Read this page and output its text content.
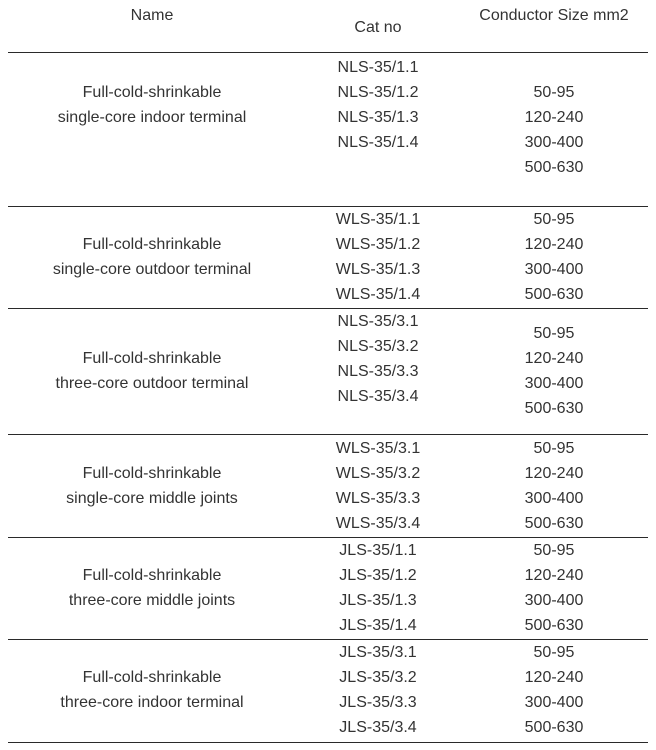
Name
Cat no
Conductor Size mm2
Full-cold-shrinkable
single-core indoor terminal
NLS-35/1.1
NLS-35/1.2
NLS-35/1.3
NLS-35/1.4
50-95
120-240
300-400
500-630
Full-cold-shrinkable
single-core outdoor terminal
WLS-35/1.1
WLS-35/1.2
WLS-35/1.3
WLS-35/1.4
50-95
120-240
300-400
500-630
Full-cold-shrinkable
three-core outdoor terminal
NLS-35/3.1
NLS-35/3.2
NLS-35/3.3
NLS-35/3.4
50-95
120-240
300-400
500-630
Full-cold-shrinkable
single-core middle joints
WLS-35/3.1
WLS-35/3.2
WLS-35/3.3
WLS-35/3.4
50-95
120-240
300-400
500-630
Full-cold-shrinkable
three-core middle joints
JLS-35/1.1
JLS-35/1.2
JLS-35/1.3
JLS-35/1.4
50-95
120-240
300-400
500-630
Full-cold-shrinkable
three-core indoor terminal
JLS-35/3.1
JLS-35/3.2
JLS-35/3.3
JLS-35/3.4
50-95
120-240
300-400
500-630
